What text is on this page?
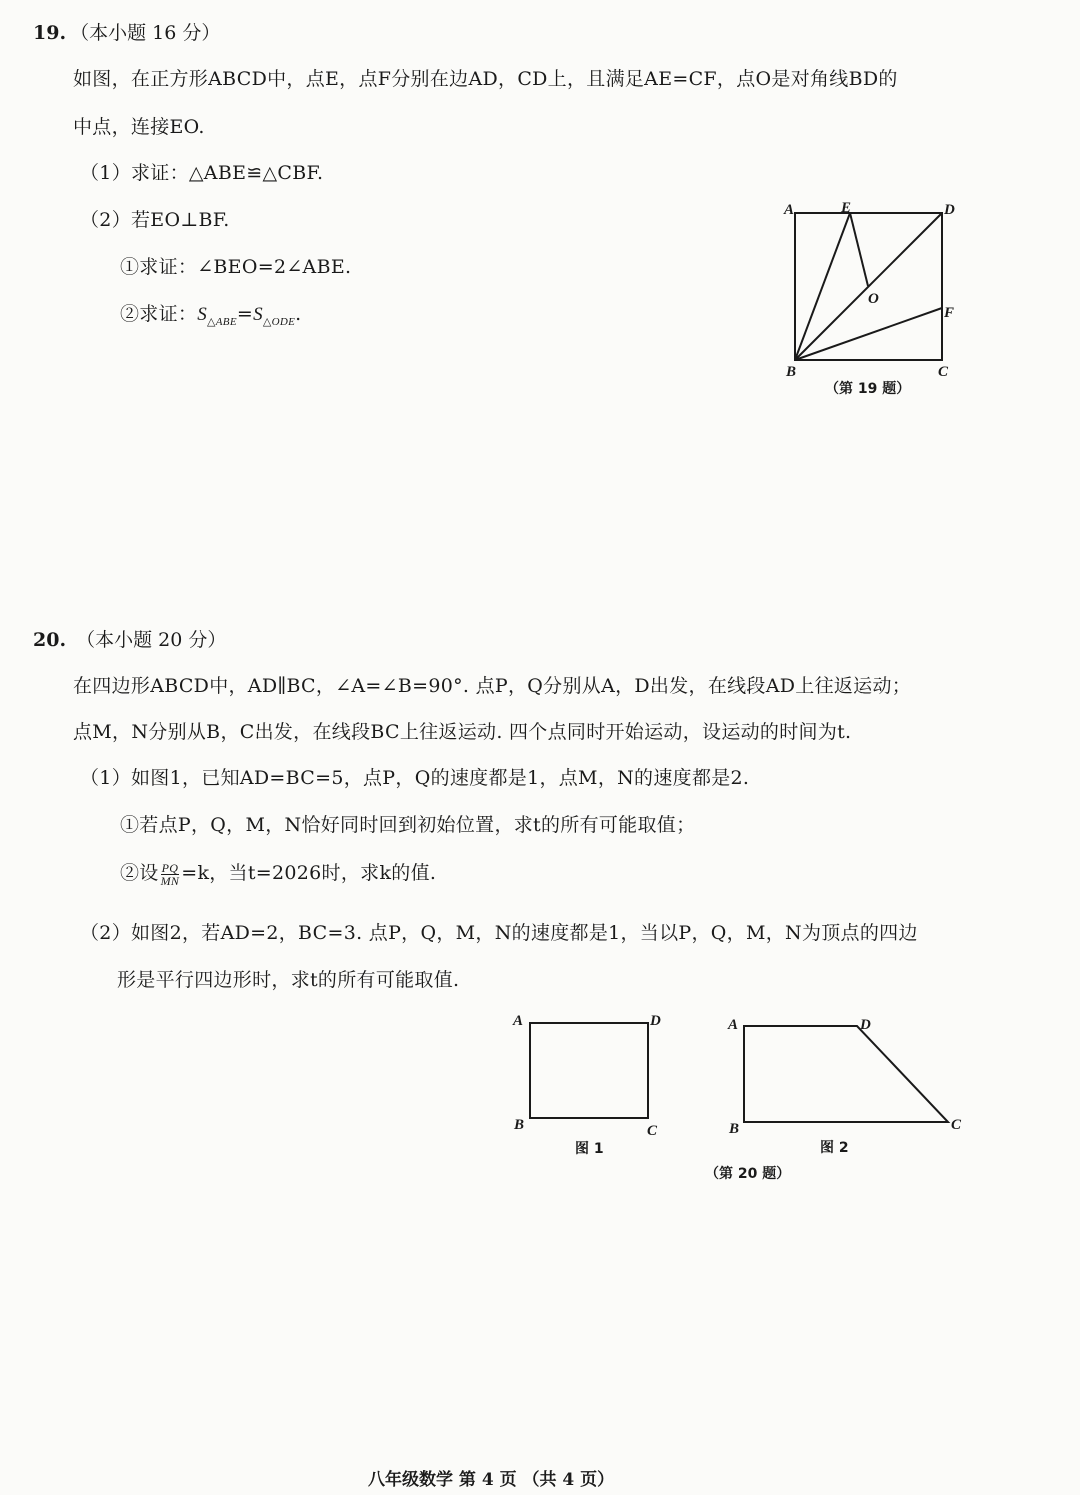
19. （本小题 16 分）
如图，在正方形ABCD中，点E，点F分别在边AD，CD上，且满足AE=CF，点O是对角线BD的
中点，连接EO.
（1）求证：△ABE≌△CBF.
（2）若EO⊥BF.
①求证：∠BEO=2∠ABE.
②求证：$S_{\triangle ABE}=S_{\triangle ODE}$.
A	E	D
O
F
B	C
（第 19 题）
20. （本小题 20 分）
在四边形ABCD中，AD∥BC，∠A=∠B=90°. 点P，Q分别从A，D出发，在线段AD上往返运动；
点M，N分别从B，C出发，在线段BC上往返运动. 四个点同时开始运动，设运动的时间为t.
（1）如图1，已知AD=BC=5，点P，Q的速度都是1，点M，N的速度都是2.
①若点P，Q，M，N恰好同时回到初始位置，求t的所有可能取值；
②设 $\frac{PQ}{MN} =k$，当t=2026时，求k的值.
（2）如图2，若AD=2，BC=3. 点P，Q，M，N的速度都是1，当以P，Q，M，N为顶点的四边
形是平行四边形时，求t的所有可能取值.
A	D
B	C
图 1
A	D
B	C
图 2
（第 20 题）
八年级数学 第 4 页 （共 4 页）
